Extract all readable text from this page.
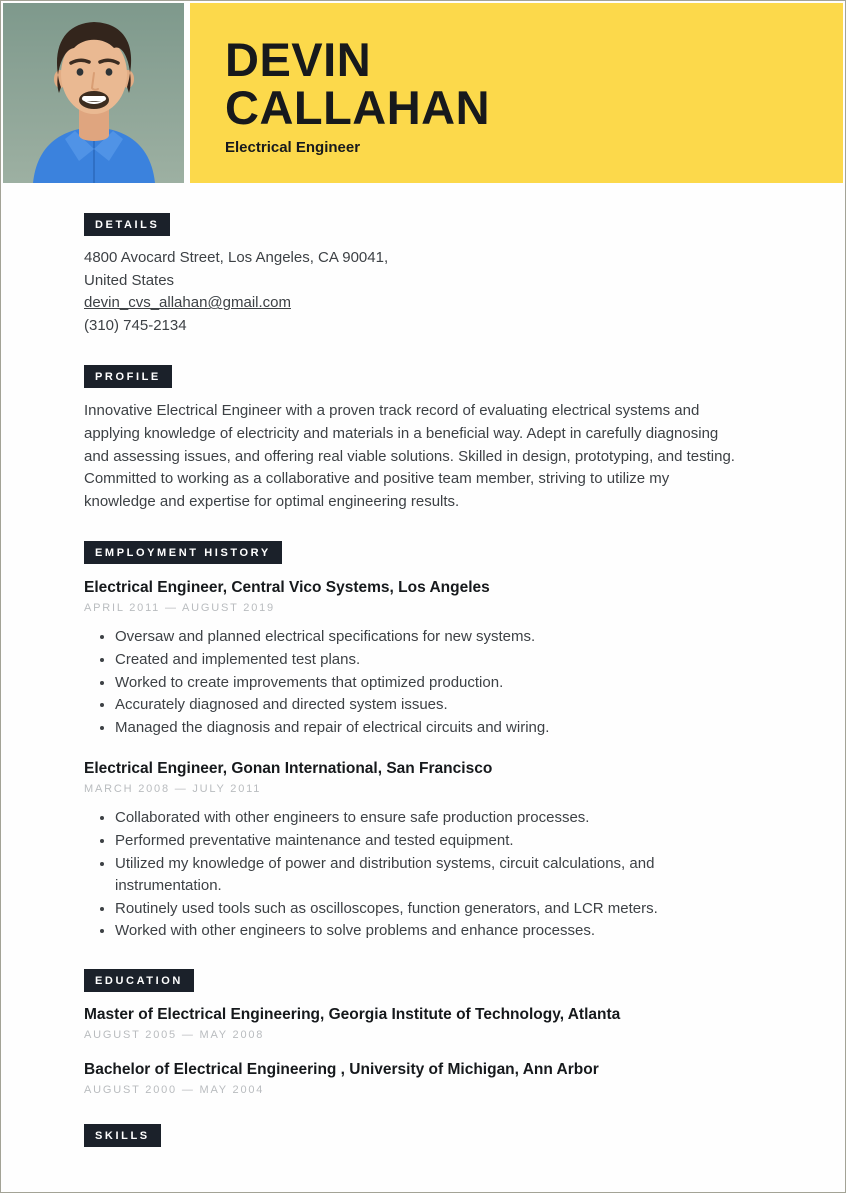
DEVIN
CALLAHAN
Electrical Engineer
DETAILS
4800 Avocard Street, Los Angeles, CA 90041,
United States
devin_cvs_allahan@gmail.com
(310) 745-2134
PROFILE

Innovative Electrical Engineer with a proven track record of evaluating electrical systems and applying knowledge of electricity and materials in a beneficial way. Adept in carefully diagnosing and assessing issues, and offering real viable solutions. Skilled in design, prototyping, and testing. Committed to working as a collaborative and positive team member, striving to utilize my knowledge and expertise for optimal engineering results.

EMPLOYMENT HISTORY
Electrical Engineer, Central Vico Systems, Los Angeles
APRIL 2011 — AUGUST 2019
• Oversaw and planned electrical specifications for new systems.
• Created and implemented test plans.
• Worked to create improvements that optimized production.
• Accurately diagnosed and directed system issues.
• Managed the diagnosis and repair of electrical circuits and wiring.
Electrical Engineer, Gonan International, San Francisco
MARCH 2008 — JULY 2011
• Collaborated with other engineers to ensure safe production processes.
• Performed preventative maintenance and tested equipment.
• Utilized my knowledge of power and distribution systems, circuit calculations, and instrumentation.
• Routinely used tools such as oscilloscopes, function generators, and LCR meters.
• Worked with other engineers to solve problems and enhance processes.
EDUCATION
Master of Electrical Engineering, Georgia Institute of Technology, Atlanta
AUGUST 2005 — MAY 2008
Bachelor of Electrical Engineering , University of Michigan, Ann Arbor
AUGUST 2000 — MAY 2004
SKILLS
